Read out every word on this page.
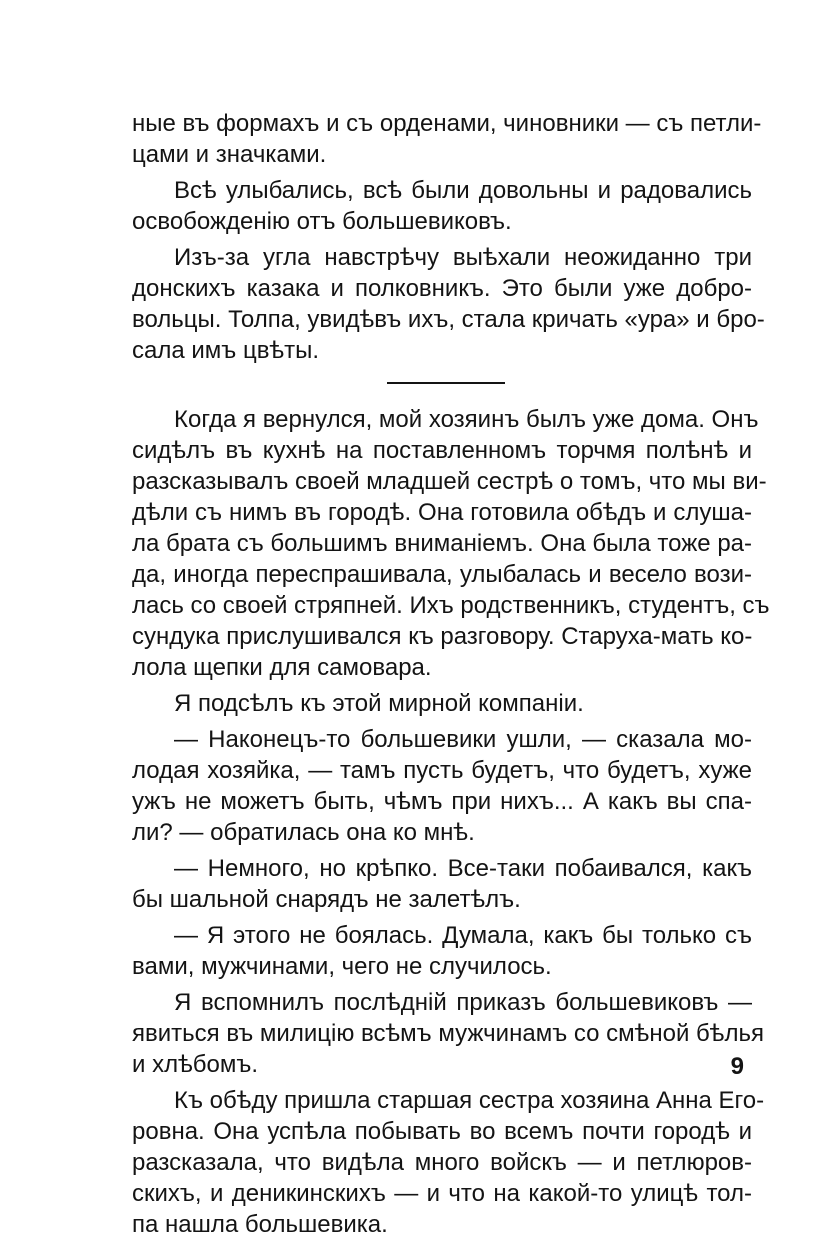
ные въ формахъ и съ орденами, чиновники — съ петли-
цами и значками.
Всѣ улыбались, всѣ были довольны и радовались
освобожденію отъ большевиковъ.
Изъ-за угла навстрѣчу выѣхали неожиданно три
донскихъ казака и полковникъ. Это были уже добро-
вольцы. Толпа, увидѣвъ ихъ, стала кричать «ура» и бро-
сала имъ цвѣты.
Когда я вернулся, мой хозяинъ былъ уже дома. Онъ
сидѣлъ въ кухнѣ на поставленномъ торчмя полѣнѣ и
разсказывалъ своей младшей сестрѣ о томъ, что мы ви-
дѣли съ нимъ въ городѣ. Она готовила обѣдъ и слуша-
ла брата съ большимъ вниманіемъ. Она была тоже ра-
да, иногда переспрашивала, улыбалась и весело вози-
лась со своей стряпней. Ихъ родственникъ, студентъ, съ
сундука прислушивался къ разговору. Старуха-мать ко-
лола щепки для самовара.
Я подсѣлъ къ этой мирной компаніи.
— Наконецъ-то большевики ушли, — сказала мо-
лодая хозяйка, — тамъ пусть будетъ, что будетъ, хуже
ужъ не можетъ быть, чѣмъ при нихъ... А какъ вы спа-
ли? — обратилась она ко мнѣ.
— Немного, но крѣпко. Все-таки побаивался, какъ
бы шальной снарядъ не залетѣлъ.
— Я этого не боялась. Думала, какъ бы только съ
вами, мужчинами, чего не случилось.
Я вспомнилъ послѣдній приказъ большевиковъ —
явиться въ милицію всѣмъ мужчинамъ со смѣной бѣлья
и хлѣбомъ.
Къ обѣду пришла старшая сестра хозяина Анна Его-
ровна. Она успѣла побывать во всемъ почти городѣ и
разсказала, что видѣла много войскъ — и петлюров-
скихъ, и деникинскихъ — и что на какой-то улицѣ тол-
па нашла большевика.
9
